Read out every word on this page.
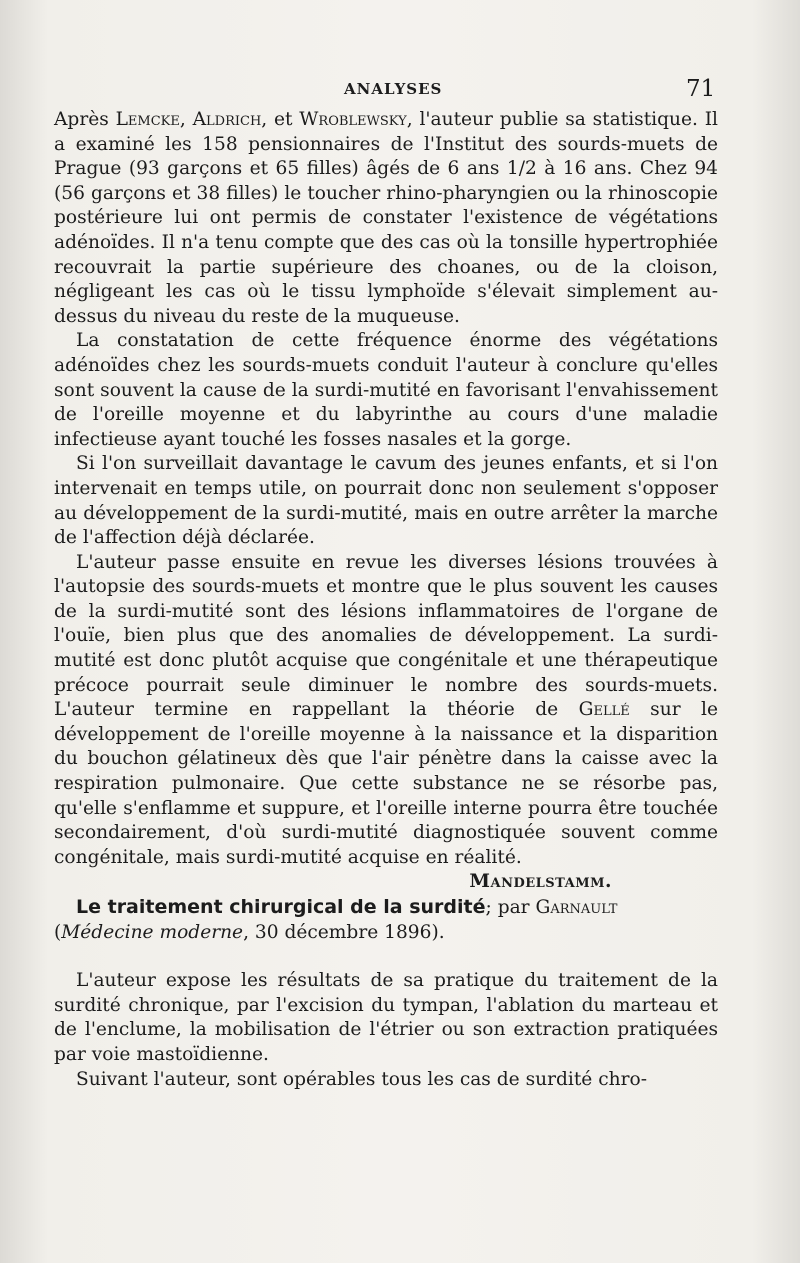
ANALYSES	71

Après Lemcke, Aldrich, et Wroblewsky, l'auteur publie sa statistique. Il a examiné les 158 pensionnaires de l'Institut des sourds-muets de Prague (93 garçons et 65 filles) âgés de 6 ans 1/2 à 16 ans. Chez 94 (56 garçons et 38 filles) le toucher rhino-pharyngien ou la rhinoscopie postérieure lui ont permis de constater l'existence de végétations adénoïdes. Il n'a tenu compte que des cas où la tonsille hypertrophiée recouvrait la partie supérieure des choanes, ou de la cloison, négligeant les cas où le tissu lymphoïde s'élevait simplement au-dessus du niveau du reste de la muqueuse.

La constatation de cette fréquence énorme des végétations adénoïdes chez les sourds-muets conduit l'auteur à conclure qu'elles sont souvent la cause de la surdi-mutité en favorisant l'envahissement de l'oreille moyenne et du labyrinthe au cours d'une maladie infectieuse ayant touché les fosses nasales et la gorge.

Si l'on surveillait davantage le cavum des jeunes enfants, et si l'on intervenait en temps utile, on pourrait donc non seulement s'opposer au développement de la surdi-mutité, mais en outre arrêter la marche de l'affection déjà déclarée.

L'auteur passe ensuite en revue les diverses lésions trouvées à l'autopsie des sourds-muets et montre que le plus souvent les causes de la surdi-mutité sont des lésions inflammatoires de l'organe de l'ouïe, bien plus que des anomalies de développement. La surdi-mutité est donc plutôt acquise que congénitale et une thérapeutique précoce pourrait seule diminuer le nombre des sourds-muets. L'auteur termine en rappellant la théorie de Gellé sur le développement de l'oreille moyenne à la naissance et la disparition du bouchon gélatineux dès que l'air pénètre dans la caisse avec la respiration pulmonaire. Que cette substance ne se résorbe pas, qu'elle s'enflamme et suppure, et l'oreille interne pourra être touchée secondairement, d'où surdi-mutité diagnostiquée souvent comme congénitale, mais surdi-mutité acquise en réalité.

Mandelstamm.

Le traitement chirurgical de la surdité; par Garnault
(Médecine moderne, 30 décembre 1896).

L'auteur expose les résultats de sa pratique du traitement de la surdité chronique, par l'excision du tympan, l'ablation du marteau et de l'enclume, la mobilisation de l'étrier ou son extraction pratiquées par voie mastoïdienne.

Suivant l'auteur, sont opérables tous les cas de surdité chro-
